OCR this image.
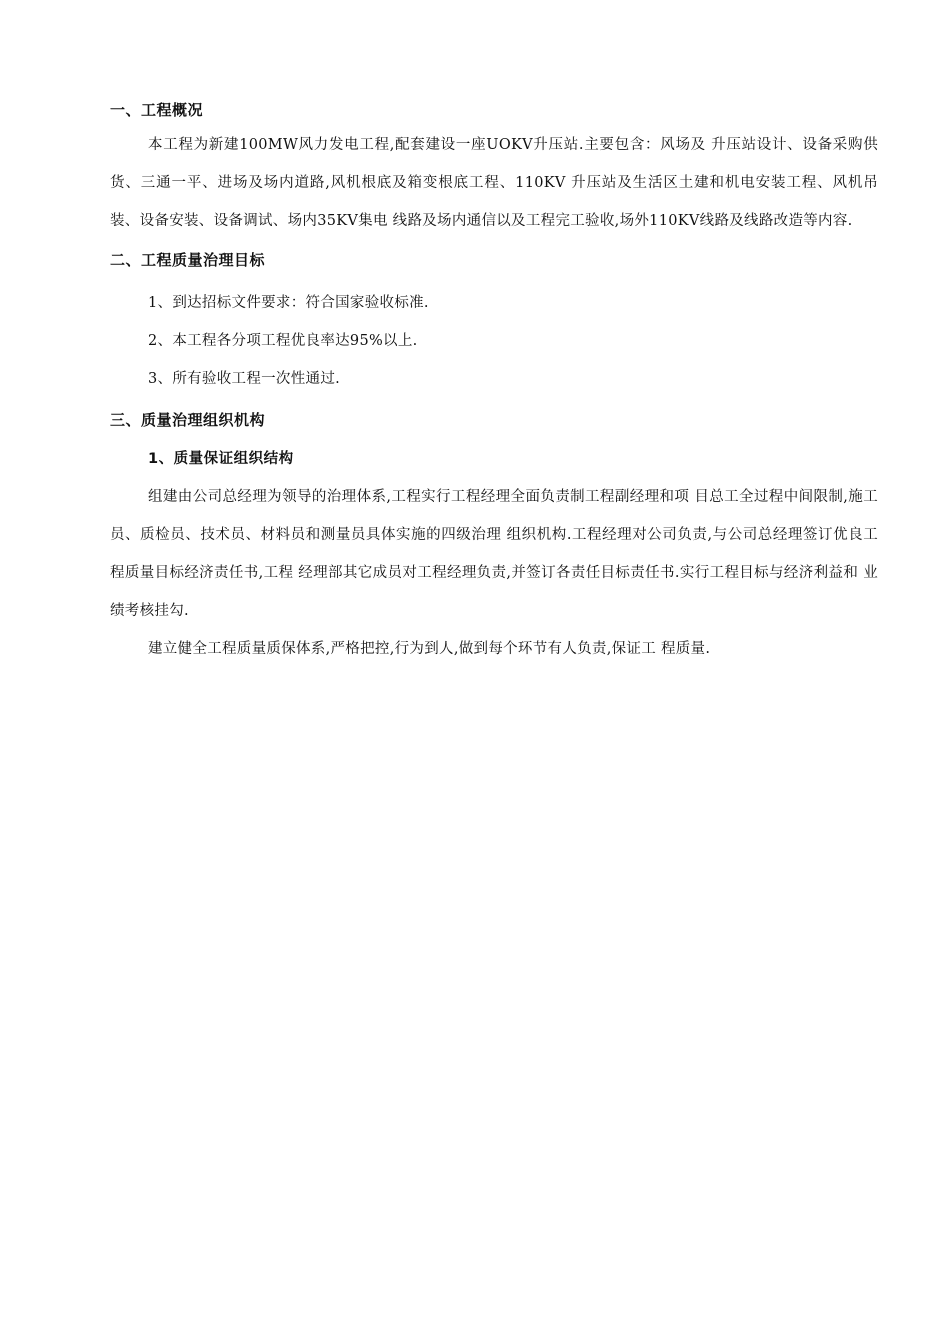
一、工程概况

本工程为新建100MW风力发电工程,配套建设一座UOKV升压站.主要包含：风场及 升压站设计、设备采购供货、三通一平、进场及场内道路,风机根底及箱变根底工程、110KV 升压站及生活区土建和机电安装工程、风机吊装、设备安装、设备调试、场内35KV集电 线路及场内通信以及工程完工验收,场外110KV线路及线路改造等内容.

二、工程质量治理目标

1、到达招标文件要求：符合国家验收标准.

2、本工程各分项工程优良率达95%以上.

3、所有验收工程一次性通过.

三、质量治理组织机构
1、质量保证组织结构

组建由公司总经理为领导的治理体系,工程实行工程经理全面负责制工程副经理和项 目总工全过程中间限制,施工员、质检员、技术员、材料员和测量员具体实施的四级治理 组织机构.工程经理对公司负责,与公司总经理签订优良工程质量目标经济责任书,工程 经理部其它成员对工程经理负责,并签订各责任目标责任书.实行工程目标与经济利益和 业绩考核挂勾.

建立健全工程质量质保体系,严格把控,行为到人,做到每个环节有人负责,保证工 程质量.
